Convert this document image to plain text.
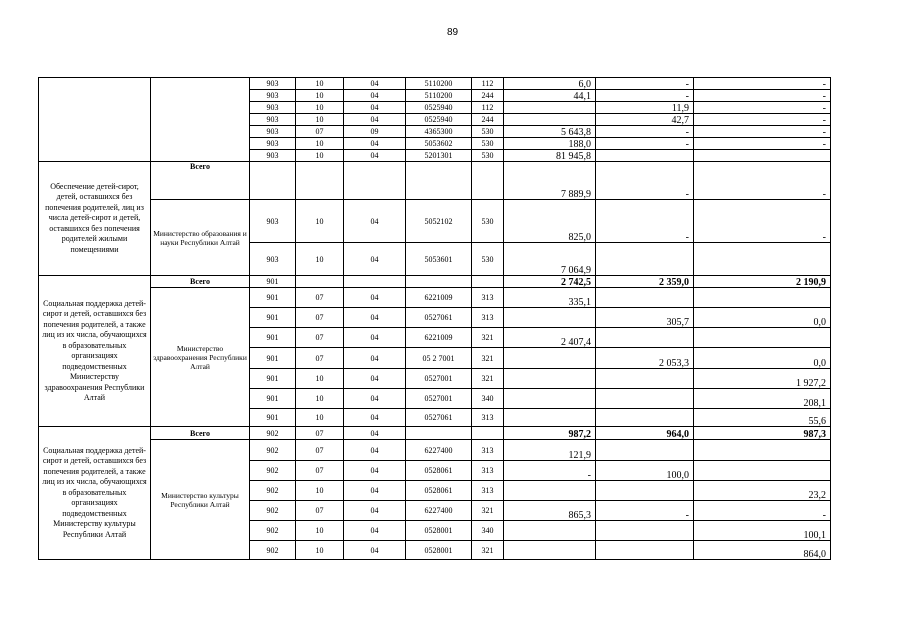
89
		903	10	04	5110200	112	6,0	-	-
		903	10	04	5110200	244	44,1	-	-
		903	10	04	0525940	112		11,9	-
		903	10	04	0525940	244		42,7	-
		903	07	09	4365300	530	5 643,8	-	-
		903	10	04	5053602	530	188,0	-	-
		903	10	04	5201301	530	81 945,8		
Обеспечение детей-сирот, детей, оставшихся без попечения родителей, лиц из числа детей-сирот и детей, оставшихся без попечения родителей жилыми помещениями	Всего						7 889,9	-	-
	Министерство образования и науки Республики Алтай	903	10	04	5052102	530	825,0	-	-
		903	10	04	5053601	530	7 064,9		
Социальная поддержка детей-сирот и детей, оставшихся без попечения родителей, а также лиц из их числа, обучающихся в образовательных организациях подведомственных Министерству здравоохранения Республики Алтай	Всего	901					2 742,5	2 359,0	2 190,9
	Министерство здравоохранения Республики Алтай	901	07	04	6221009	313	335,1		
		901	07	04	0527061	313		305,7	0,0
		901	07	04	6221009	321	2 407,4		
		901	07	04	05 2 7001	321		2 053,3	0,0
		901	10	04	0527001	321			1 927,2
		901	10	04	0527001	340			208,1
		901	10	04	0527061	313			55,6
Социальная поддержка детей-сирот и детей, оставшихся без попечения родителей, а также лиц из их числа, обучающихся в образовательных организациях подведомственных Министерству культуры Республики Алтай	Всего	902	07	04			987,2	964,0	987,3
	Министерство культуры Республики Алтай	902	07	04	6227400	313	121,9		
		902	07	04	0528061	313	-	100,0	
		902	10	04	0528061	313			23,2
		902	07	04	6227400	321	865,3	-	-
		902	10	04	0528001	340			100,1
		902	10	04	0528001	321			864,0
